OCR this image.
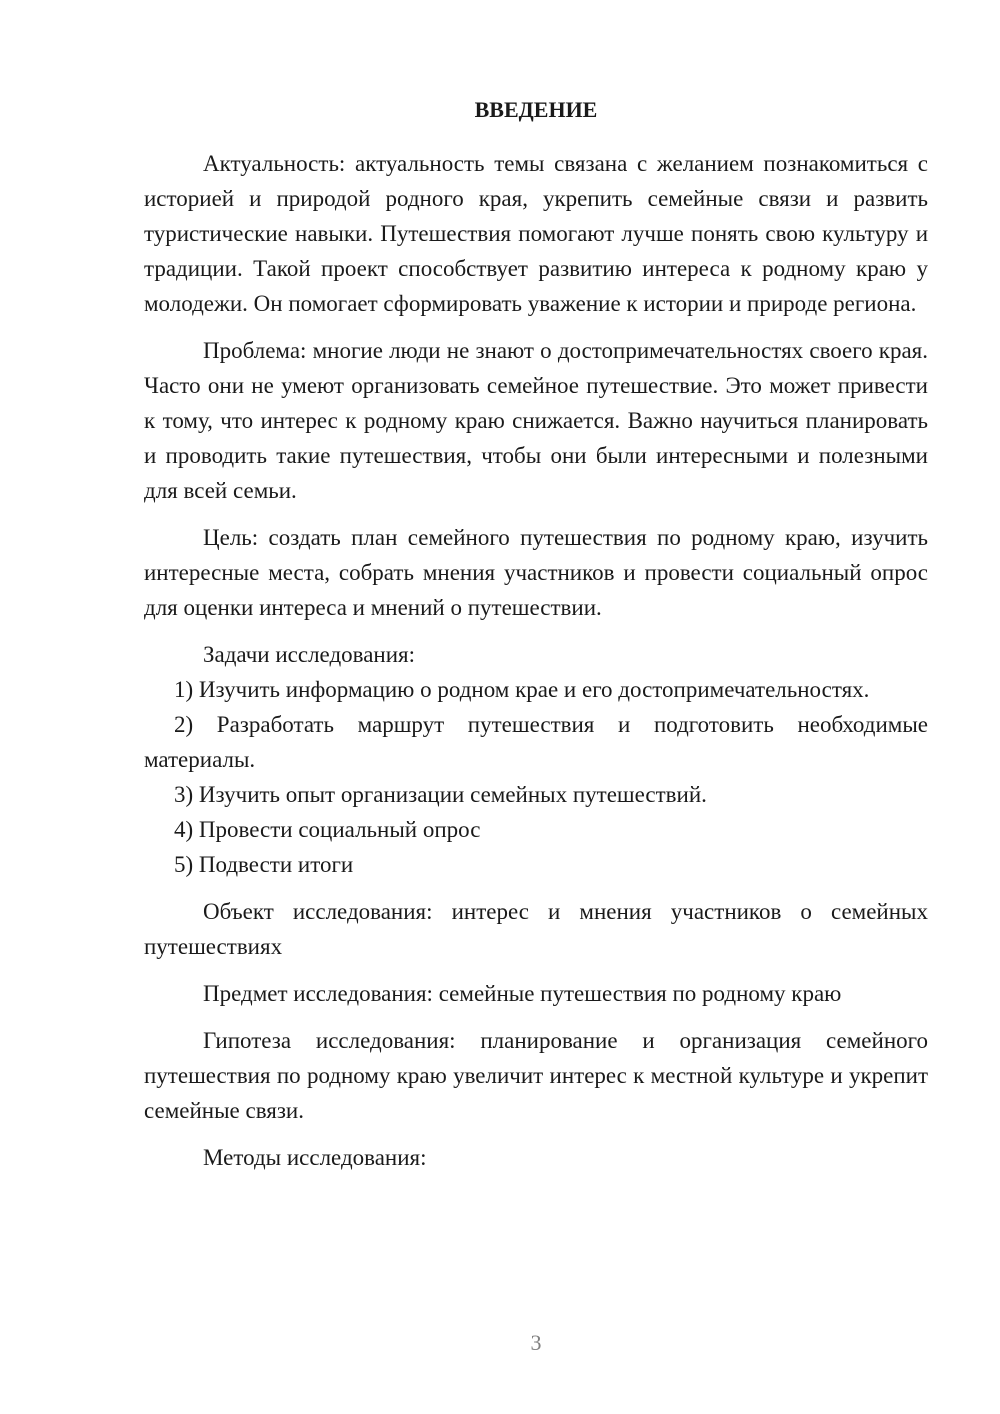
ВВЕДЕНИЕ

Актуальность: актуальность темы связана с желанием познакомиться с историей и природой родного края, укрепить семейные связи и развить туристические навыки. Путешествия помогают лучше понять свою культуру и традиции. Такой проект способствует развитию интереса к родному краю у молодежи. Он помогает сформировать уважение к истории и природе региона.

Проблема: многие люди не знают о достопримечательностях своего края. Часто они не умеют организовать семейное путешествие. Это может привести к тому, что интерес к родному краю снижается. Важно научиться планировать и проводить такие путешествия, чтобы они были интересными и полезными для всей семьи.

Цель: создать план семейного путешествия по родному краю, изучить интересные места, собрать мнения участников и провести социальный опрос для оценки интереса и мнений о путешествии.

Задачи исследования:

1) Изучить информацию о родном крае и его достопримечательностях.

2) Разработать маршрут путешествия и подготовить необходимые материалы.

3) Изучить опыт организации семейных путешествий.

4) Провести социальный опрос

5) Подвести итоги

Объект исследования: интерес и мнения участников о семейных путешествиях

Предмет исследования: семейные путешествия по родному краю

Гипотеза исследования: планирование и организация семейного путешествия по родному краю увеличит интерес к местной культуре и укрепит семейные связи.

Методы исследования:

3
